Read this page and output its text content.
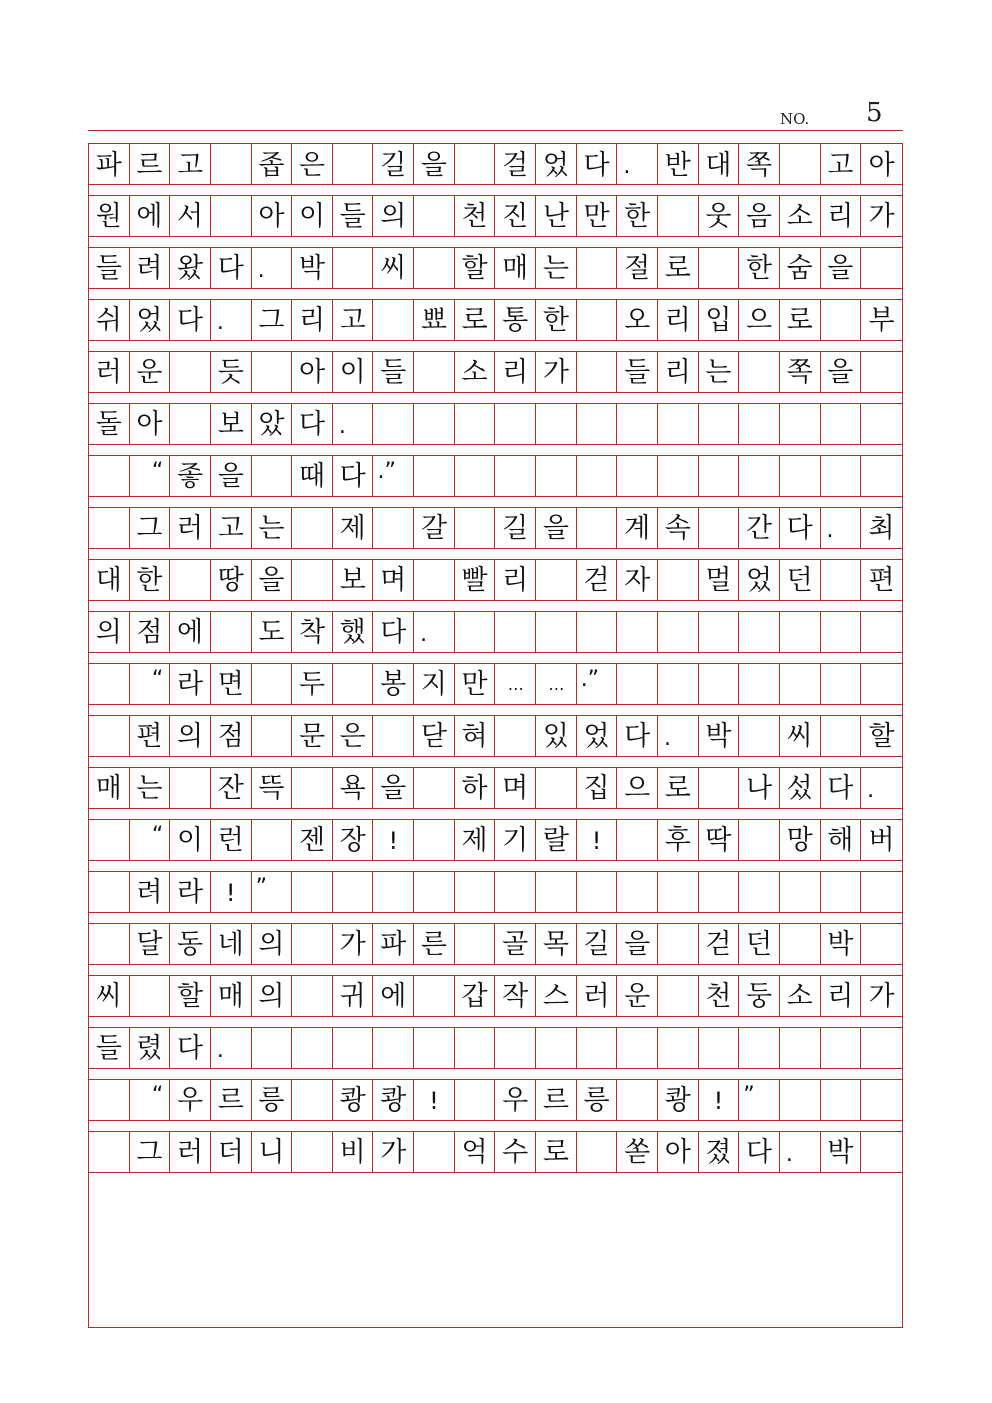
NO. 5
파 르 고 좁 은 길 을 걸 었 다 .	반 대 쪽 고 아
원 에 서 아 이 들 의 천 진 난 만 한 웃 음 소 리 가
들 려 왔 다 .	박 씨 할 매 는 절 로 한 숨 을
쉬 었 다 .	그 리 고 뾰 로 통 한 오 리 입 으 로 부
러 운 듯 아 이 들 소 리 가 들 리 는 쪽 을
돌 아 보 았 다 .
“ 좋 을 때 다 .”
그 러 고 는 제 갈 길 을 계 속 간 다 .	최
대 한 땅 을 보 며 빨 리 걷 자 멀 었 던 편
의 점 에 도 착 했 다 .
“ 라 면 두 봉 지 만	…	… .”
편 의 점 문 은 닫 혀 있 었 다 .	박 씨 할
매 는 잔 뜩 욕 을 하 며 집 으 로 나 섰 다 .
“ 이 런 젠 장 !	제 기 랄 !	후 딱 망 해 버
려 라 ! ”
달 동 네 의 가 파 른 골 목 길 을 걷 던 박
씨 할 매 의 귀 에 갑 작 스 러 운 천 둥 소 리 가
들 렸 다 .
“ 우 르 릉 쾅 쾅 !	우 르 릉 쾅 ! ”
그 러 더 니 비 가 억 수 로 쏟 아 졌 다 .	박
